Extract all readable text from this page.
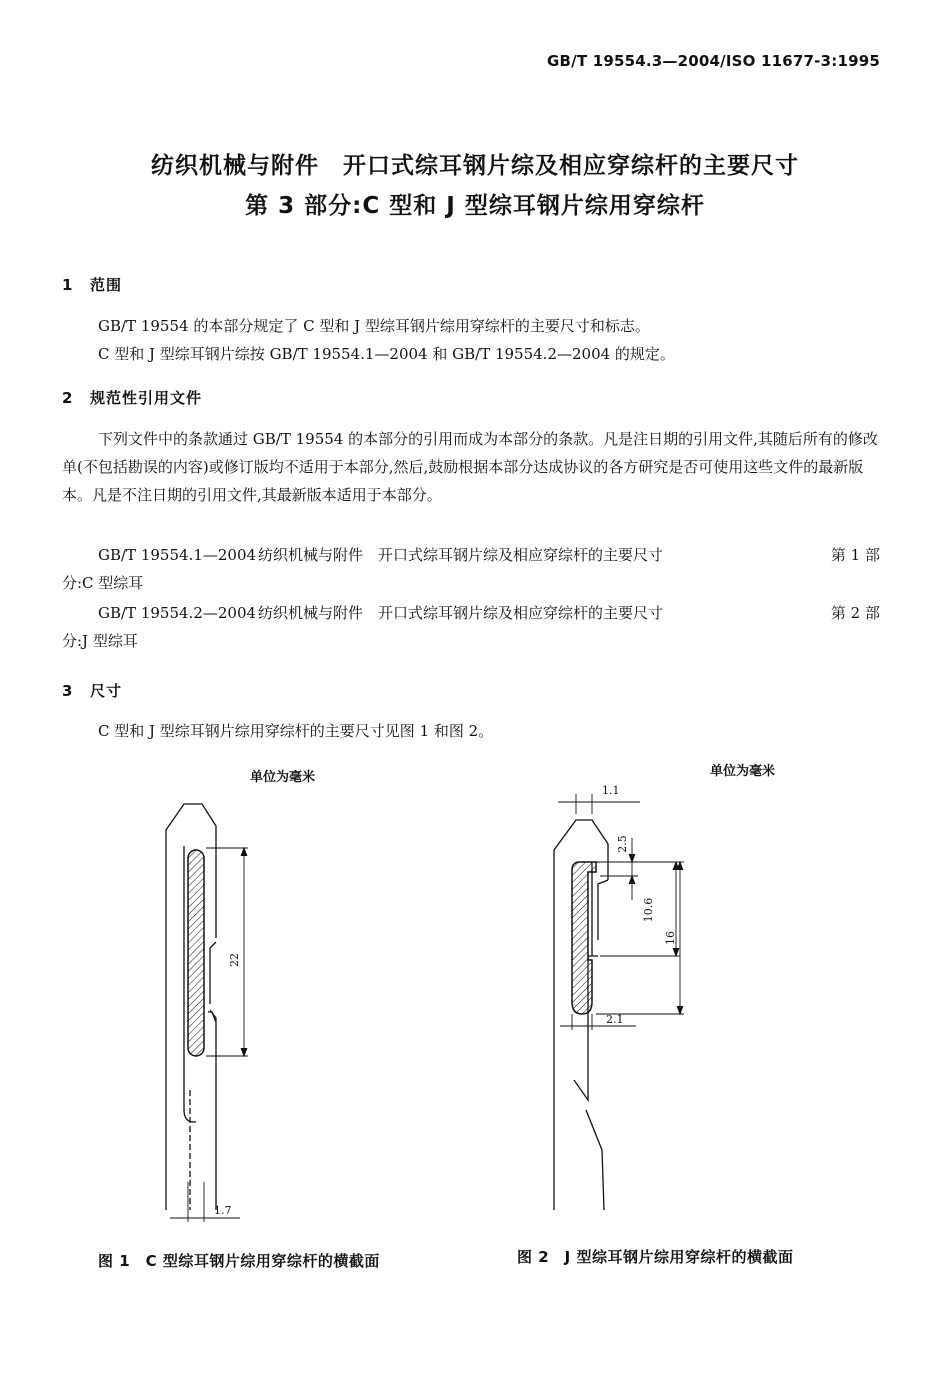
GB/T 19554.3—2004/ISO 11677-3:1995
纺织机械与附件　开口式综耳钢片综及相应穿综杆的主要尺寸
第 3 部分:C 型和 J 型综耳钢片综用穿综杆
1 范围
GB/T 19554 的本部分规定了 C 型和 J 型综耳钢片综用穿综杆的主要尺寸和标志。
C 型和 J 型综耳钢片综按 GB/T 19554.1—2004 和 GB/T 19554.2—2004 的规定。
2 规范性引用文件
下列文件中的条款通过 GB/T 19554 的本部分的引用而成为本部分的条款。凡是注日期的引用文件,其随后所有的修改单(不包括勘误的内容)或修订版均不适用于本部分,然后,鼓励根据本部分达成协议的各方研究是否可使用这些文件的最新版本。凡是不注日期的引用文件,其最新版本适用于本部分。
GB/T 19554.1—2004 纺织机械与附件　开口式综耳钢片综及相应穿综杆的主要尺寸	第 1 部
分:C 型综耳
GB/T 19554.2—2004 纺织机械与附件　开口式综耳钢片综及相应穿综杆的主要尺寸	第 2 部
分:J 型综耳
3 尺寸
C 型和 J 型综耳钢片综用穿综杆的主要尺寸见图 1 和图 2。
单位为毫米
22
1.7
图 1　C 型综耳钢片综用穿综杆的横截面
单位为毫米
1.1
2.5
10.6
16
2.1
图 2　J 型综耳钢片综用穿综杆的横截面
